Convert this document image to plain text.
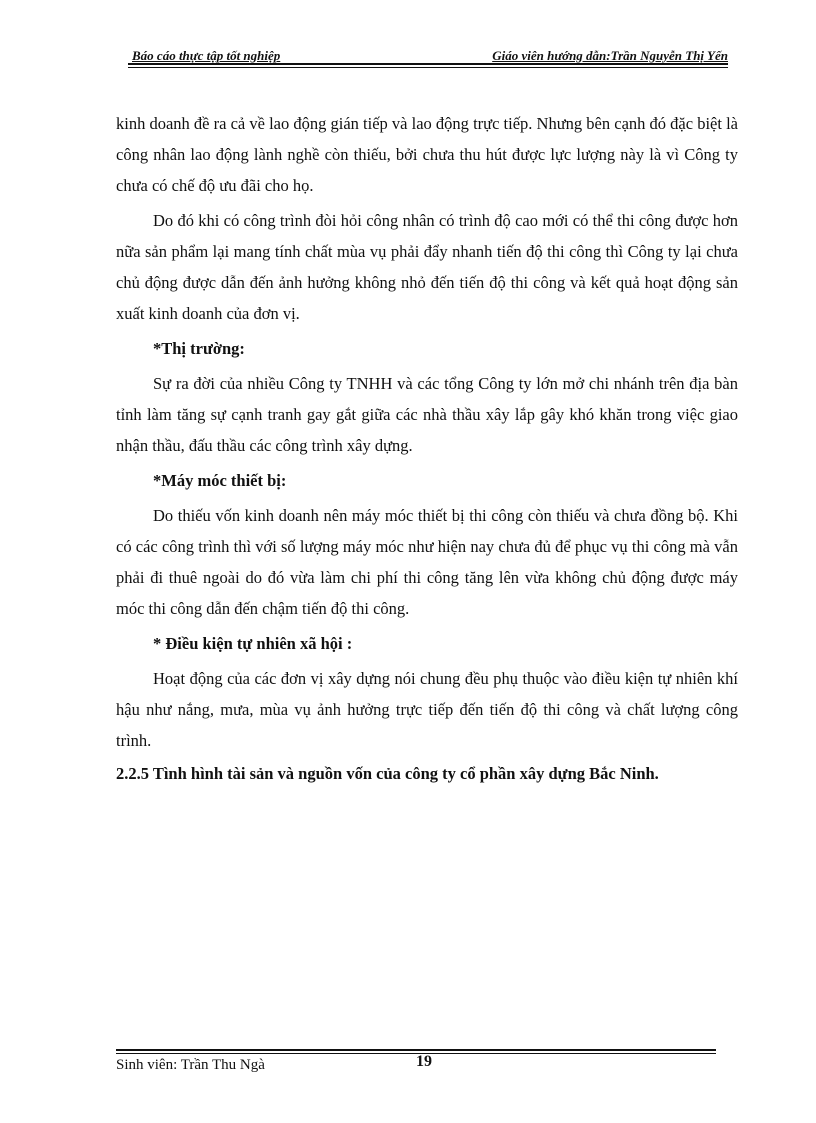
Báo cáo thực tập tốt nghiệp	Giáo viên hướng dẫn:Trần Nguyễn Thị Yến

kinh doanh đề ra cả về lao động gián tiếp và lao động trực tiếp. Nhưng bên cạnh đó đặc biệt là công nhân lao động lành nghề còn thiếu, bởi chưa thu hút được lực lượng này là vì Công ty chưa có chế độ ưu đãi cho họ.

Do đó khi có công trình đòi hỏi công nhân có trình độ cao mới có thể thi công được hơn nữa sản phẩm lại mang tính chất mùa vụ phải đẩy nhanh tiến độ thi công thì Công ty lại chưa chủ động được dẫn đến ảnh hưởng không nhỏ đến tiến độ thi công và kết quả hoạt động sản xuất kinh doanh của đơn vị.

*Thị trường:

Sự ra đời của nhiều Công ty TNHH và các tổng Công ty lớn mở chi nhánh trên địa bàn tỉnh làm tăng sự cạnh tranh gay gắt giữa các nhà thầu xây lắp gây khó khăn trong việc giao nhận thầu, đấu thầu các công trình xây dựng.

*Máy móc thiết bị:

Do thiếu vốn kinh doanh nên máy móc thiết bị thi công còn thiếu và chưa đồng bộ. Khi có các công trình thì với số lượng máy móc như hiện nay chưa đủ để phục vụ thi công mà vẫn phải đi thuê ngoài do đó vừa làm chi phí thi công tăng lên vừa không chủ động được máy móc thi công dẫn đến chậm tiến độ thi công.

* Điều kiện tự nhiên xã hội :

Hoạt động của các đơn vị xây dựng nói chung đều phụ thuộc vào điều kiện tự nhiên khí hậu như nắng, mưa, mùa vụ ảnh hưởng trực tiếp đến tiến độ thi công và chất lượng công trình.

2.2.5 Tình hình tài sản và nguồn vốn của công ty cổ phần xây dựng Bắc Ninh.

Sinh viên: Trần Thu Ngà	19
